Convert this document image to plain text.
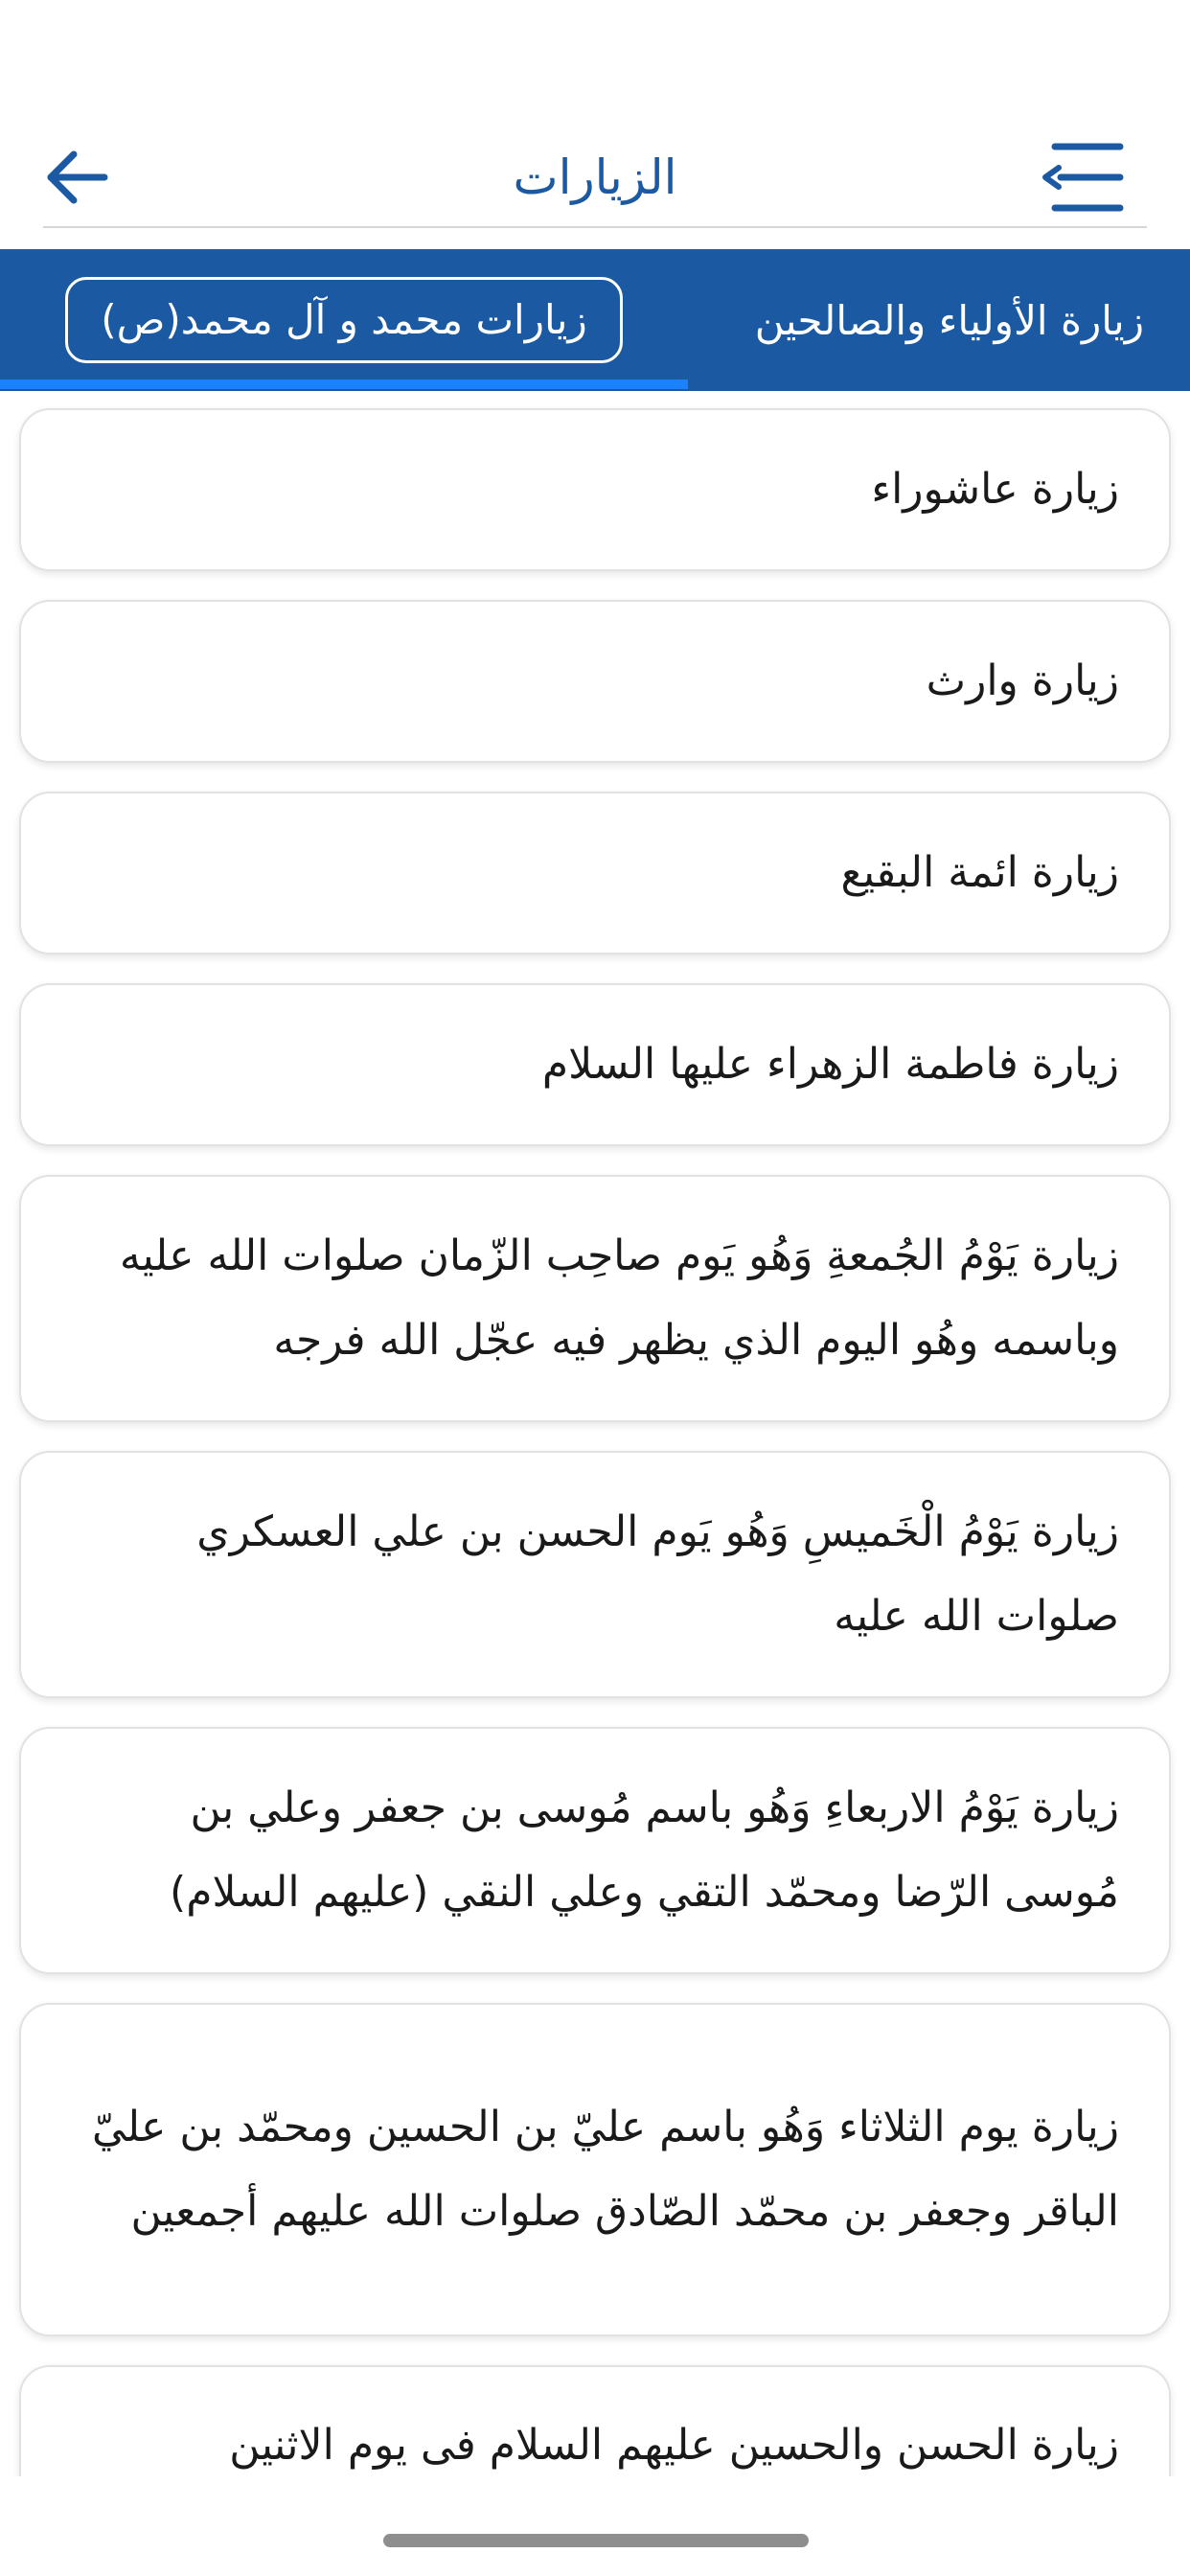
الزيارات
زيارات محمد و آل محمد(ص)	زيارة الأولياء والصالحين
زيارة عاشوراء
زيارة وارث
زيارة ائمة البقيع
زيارة فاطمة الزهراء عليها السلام
زيارة يَوْمُ الجُمعةِ وَهُو يَوم صاحِب الزّمان صلوات الله عليه وباسمه وهُو اليوم الذي يظهر فيه عجّل الله فرجه
زيارة يَوْمُ الْخَميسِ وَهُو يَوم الحسن بن علي العسكري صلوات الله عليه
زيارة يَوْمُ الاربعاءِ وَهُو باسم مُوسى بن جعفر وعلي بن مُوسى الرّضا ومحمّد التقي وعلي النقي (عليهم السلام)
زيارة يوم الثلاثاء وَهُو باسم عليّ بن الحسين ومحمّد بن عليّ الباقر وجعفر بن محمّد الصّادق صلوات الله عليهم أجمعين
زيارة الحسن والحسين عليهم السلام فى يوم الاثنين
